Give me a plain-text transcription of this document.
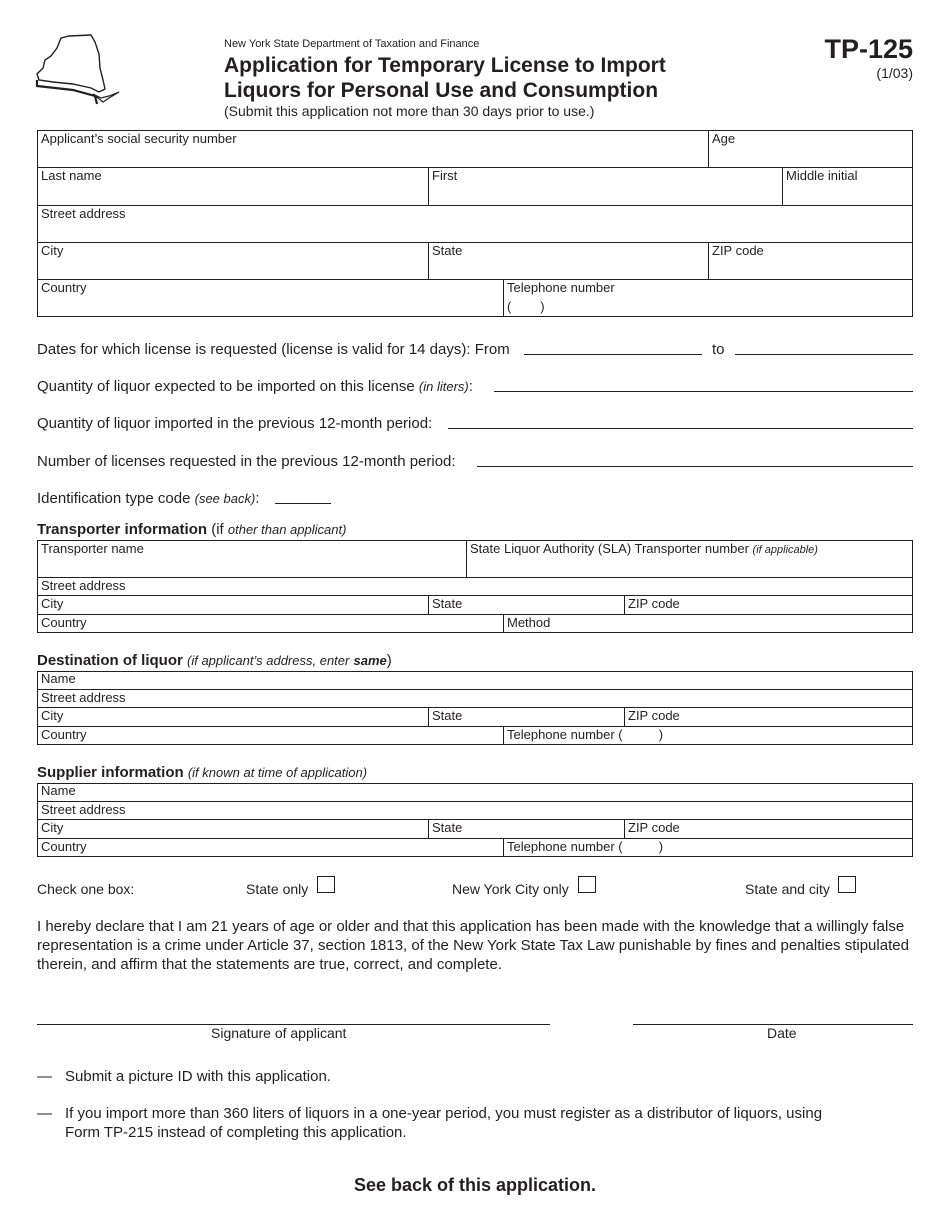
New York State Department of Taxation and Finance
Application for Temporary License to Import
Liquors for Personal Use and Consumption
(Submit this application not more than 30 days prior to use.)
TP-125
(1/03)
Applicant’s social security number	Age
Last name	First	Middle initial
Street address
City	State	ZIP code
Country	Telephone number
(        )
Dates for which license is requested (license is valid for 14 days): From	to
Quantity of liquor expected to be imported on this license (in liters):
Quantity of liquor imported in the previous 12-month period:
Number of licenses requested in the previous 12-month period:
Identification type code (see back):
Transporter information (if other than applicant)
Transporter name	State Liquor Authority (SLA) Transporter number (if applicable)
Street address
City	State	ZIP code
Country	Method
Destination of liquor (if applicant’s address, enter same)
Name
Street address
City	State	ZIP code
Country	Telephone number (          )
Supplier information (if known at time of application)
Name
Street address
City	State	ZIP code
Country	Telephone number (          )
Check one box:	State only	New York City only	State and city
I hereby declare that I am 21 years of age or older and that this application has been made with the knowledge that a willingly false representation is a crime under Article 37, section 1813, of the New York State Tax Law punishable by fines and penalties stipulated therein, and affirm that the statements are true, correct, and complete.
Signature of applicant	Date
— Submit a picture ID with this application.
— If you import more than 360 liters of liquors in a one-year period, you must register as a distributor of liquors, using Form TP-215 instead of completing this application.
See back of this application.
